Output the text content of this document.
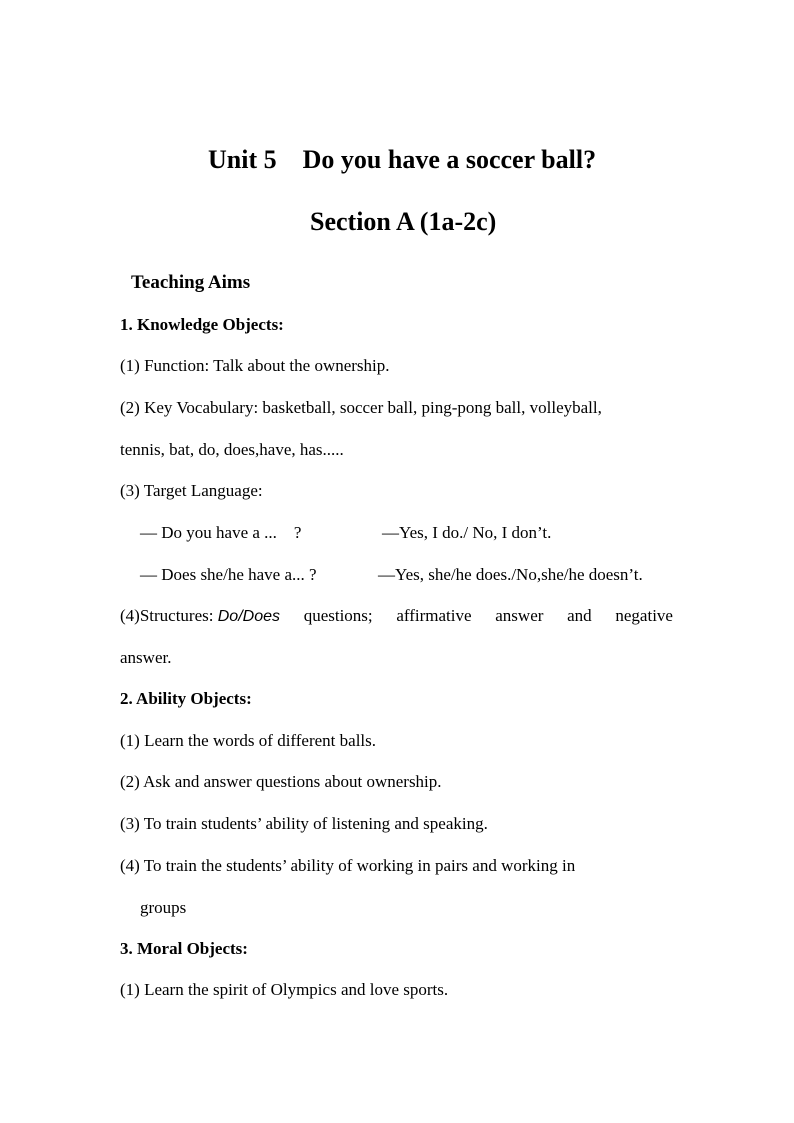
Unit 5    Do you have a soccer ball?
Section A (1a-2c)
Teaching Aims
1. Knowledge Objects:
(1) Function: Talk about the ownership.
(2) Key Vocabulary: basketball, soccer ball, ping-pong ball, volleyball,
tennis, bat, do, does,have, has.....
(3) Target Language:
— Do you have a ...    ?	—Yes, I do./ No, I don’t.
— Does she/he have a... ?	—Yes, she/he does./No,she/he doesn’t.
(4)Structures: Do/Does questions; affirmative answer and negative
answer.
2. Ability Objects:
(1) Learn the words of different balls.
(2) Ask and answer questions about ownership.
(3) To train students’ ability of listening and speaking.
(4) To train the students’ ability of working in pairs and working in
groups
3. Moral Objects:
(1) Learn the spirit of Olympics and love sports.
